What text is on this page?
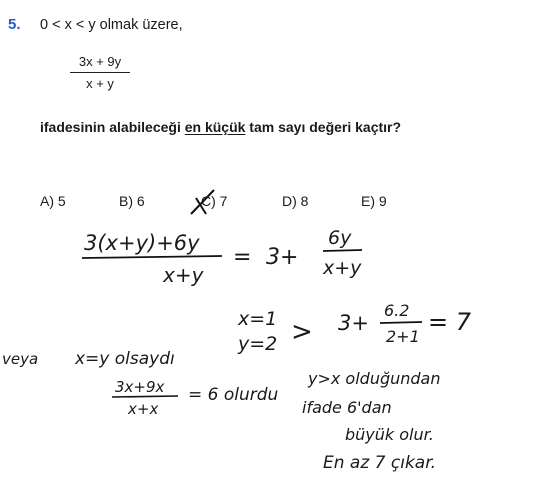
5. 0 < x < y olmak üzere,
$\frac{3x + 9y}{x + y}$
ifadesinin alabileceği en küçük tam sayı değeri kaçtır?
A) 5	B) 6	C) 7	D) 8	E) 9
3(x+y)+6y
x+y
= 3+
6y
x+y
x=1
y=2 > 3+
6.2
2+1
= 7
veya x=y olsaydı
3x+9x
x+x
= 6 olurdu
y>x olduğundan
ifade 6'dan
büyük olur.
En az 7 çıkar.
